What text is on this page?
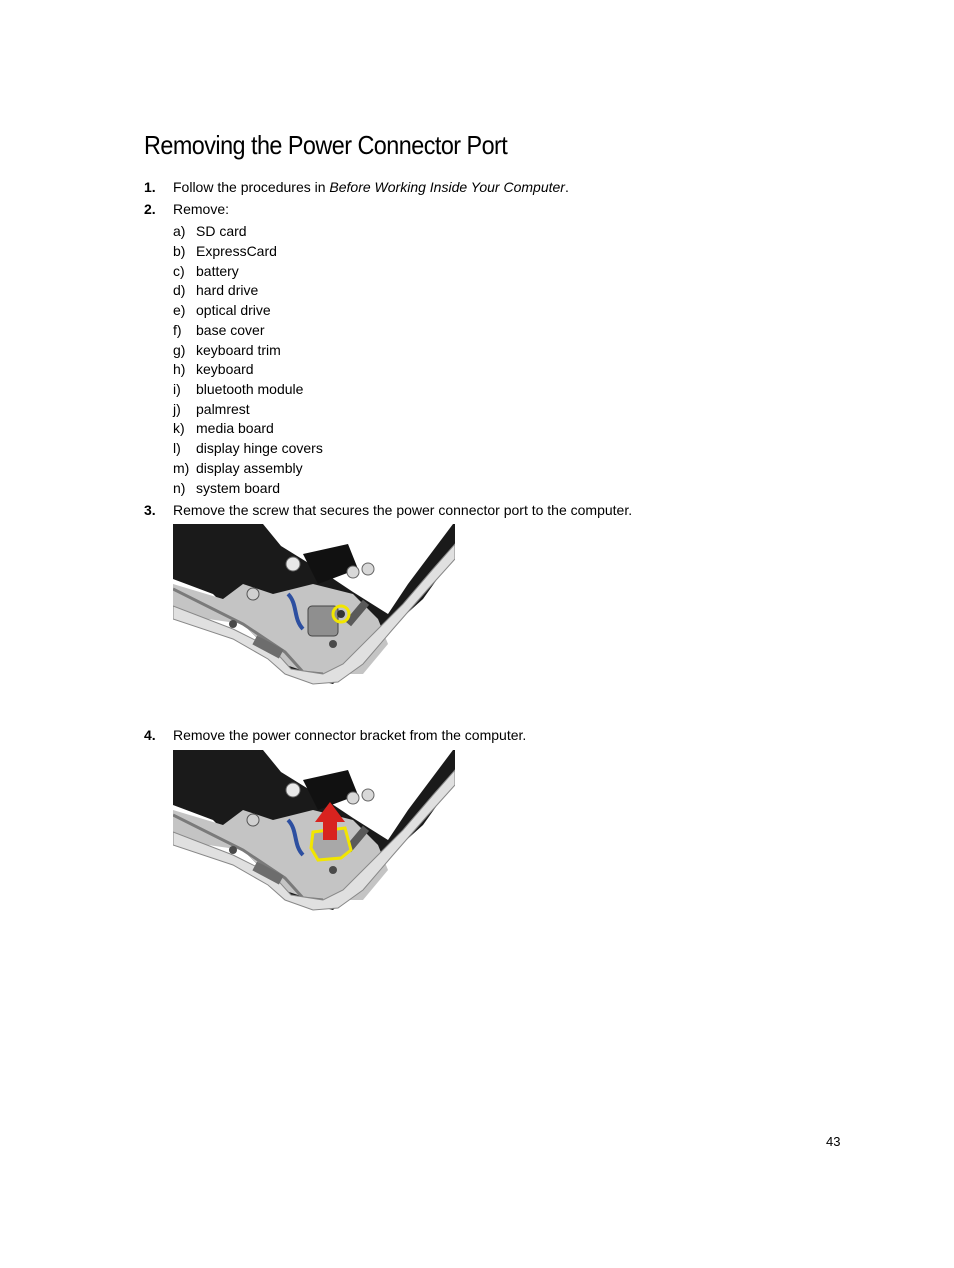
Removing the Power Connector Port
1. Follow the procedures in Before Working Inside Your Computer.
2. Remove:
a) SD card
b) ExpressCard
c) battery
d) hard drive
e) optical drive
f) base cover
g) keyboard trim
h) keyboard
i) bluetooth module
j) palmrest
k) media board
l) display hinge covers
m) display assembly
n) system board
3. Remove the screw that secures the power connector port to the computer.
4. Remove the power connector bracket from the computer.
43
